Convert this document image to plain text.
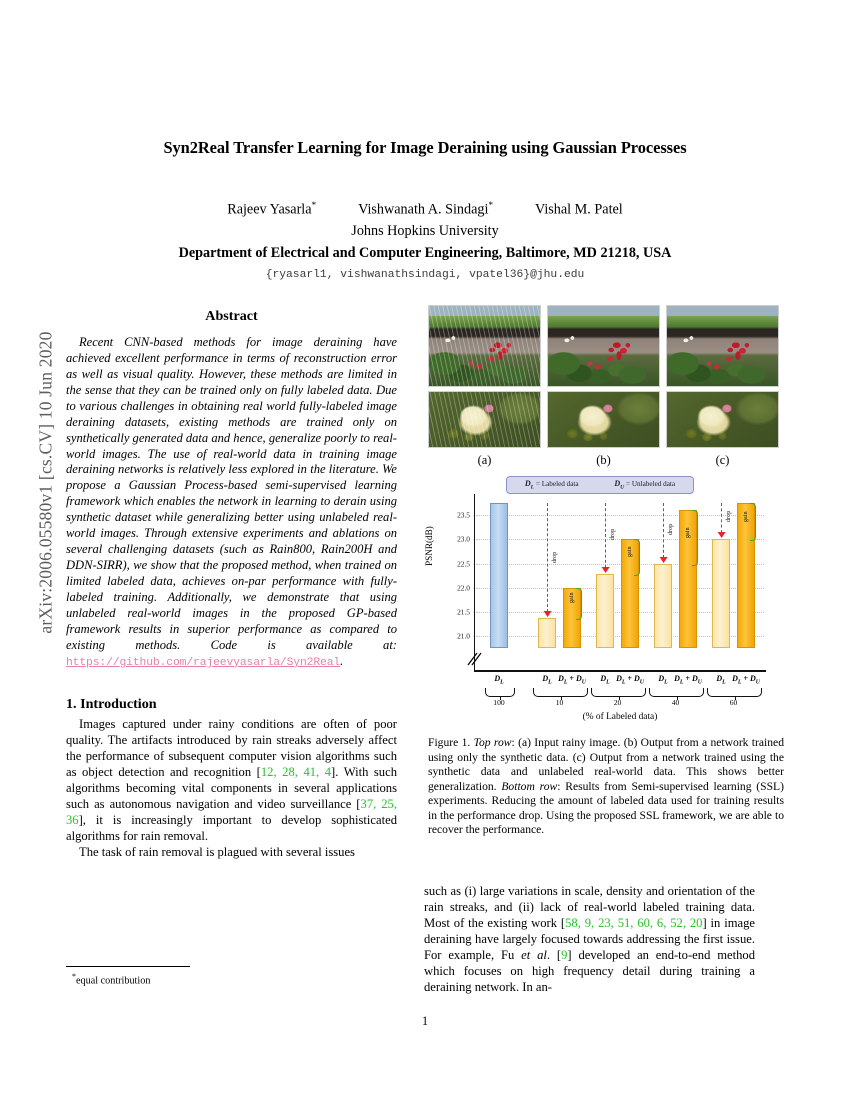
arXiv:2006.05580v1 [cs.CV] 10 Jun 2020
Syn2Real Transfer Learning for Image Deraining using Gaussian Processes
Rajeev Yasarla*	Vishwanath A. Sindagi*	Vishal M. Patel
Johns Hopkins University
Department of Electrical and Computer Engineering, Baltimore, MD 21218, USA
{ryasarl1, vishwanathsindagi, vpatel36}@jhu.edu
Abstract
Recent CNN-based methods for image deraining have achieved excellent performance in terms of reconstruction error as well as visual quality. However, these methods are limited in the sense that they can be trained only on fully labeled data. Due to various challenges in obtaining real world fully-labeled image deraining datasets, existing methods are trained only on synthetically generated data and hence, generalize poorly to real-world images. The use of real-world data in training image deraining networks is relatively less explored in the literature. We propose a Gaussian Process-based semi-supervised learning framework which enables the network in learning to derain using synthetic dataset while generalizing better using unlabeled real-world images. Through extensive experiments and ablations on several challenging datasets (such as Rain800, Rain200H and DDN-SIRR), we show that the proposed method, when trained on limited labeled data, achieves on-par performance with fully-labeled training. Additionally, we demonstrate that using unlabeled real-world images in the proposed GP-based framework results in superior performance as compared to existing methods. Code is available at: https://github.com/rajeevyasarla/Syn2Real.
1. Introduction

Images captured under rainy conditions are often of poor quality. The artifacts introduced by rain streaks adversely affect the performance of subsequent computer vision algorithms such as object detection and recognition [12, 28, 41, 4]. With such algorithms becoming vital components in several applications such as autonomous navigation and video surveillance [37, 25, 36], it is increasingly important to develop sophisticated algorithms for rain removal.

The task of rain removal is plagued with several issues

*equal contribution
(a)	(b)	(c)
$D_L$ = Labeled data	$D_U$ = Unlabeled data
PSNR(dB)
(% of Labeled data)
21.0
21.5
22.0
22.5
23.0
23.5
$D_L$
100
$D_L$ $D_L + D_U$
10
drop
gain
$D_L$ $D_L + D_U$
20
drop
gain
$D_L$ $D_L + D_U$
40
drop gain
$D_L$ $D_L + D_U$
60
drop gain
Figure 1. Top row: (a) Input rainy image. (b) Output from a network trained using only the synthetic data. (c) Output from a network trained using the synthetic data and unlabeled real-world data. This shows better generalization. Bottom row: Results from Semi-supervised learning (SSL) experiments. Reducing the amount of labeled data used for training results in the performance drop. Using the proposed SSL framework, we are able to recover the performance.

such as (i) large variations in scale, density and orientation of the rain streaks, and (ii) lack of real-world labeled training data. Most of the existing work [58, 9, 23, 51, 60, 6, 52, 20] in image deraining have largely focused towards addressing the first issue. For example, Fu et al. [9] developed an end-to-end method which focuses on high frequency detail during training a deraining network. In an-

1
